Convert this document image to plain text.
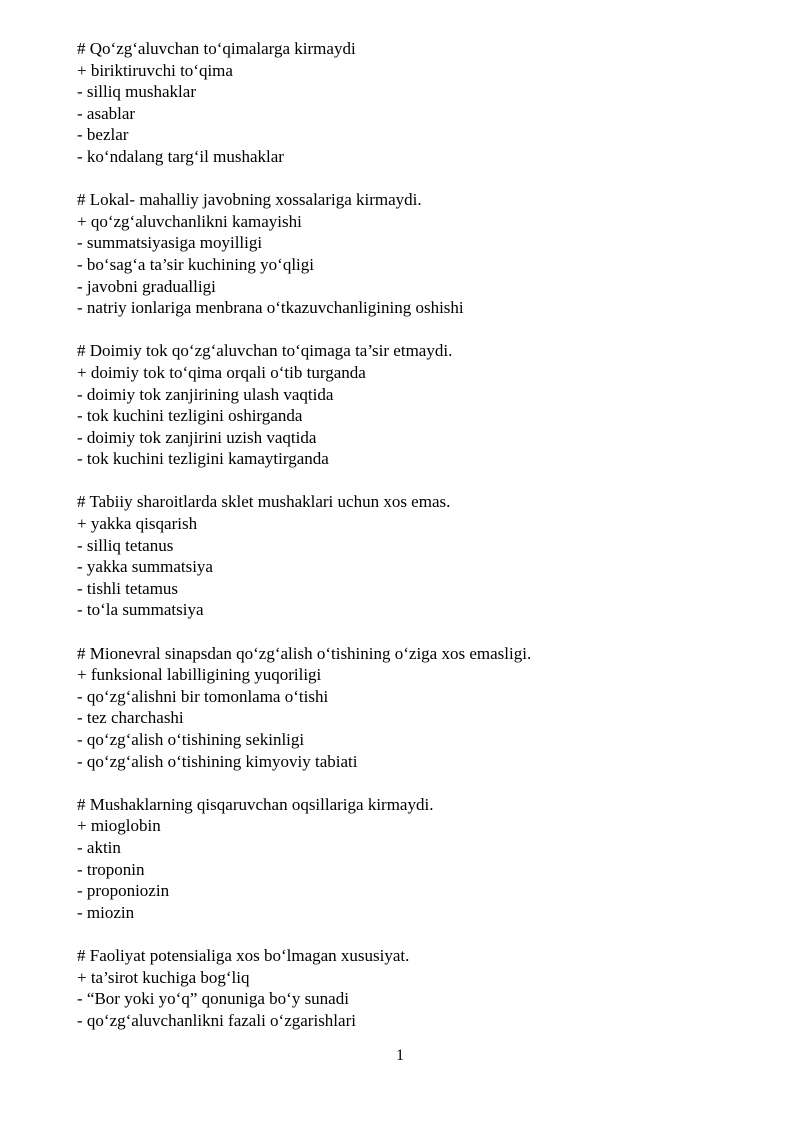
# Qo‘zg‘aluvchan to‘qimalarga kirmaydi
+ biriktiruvchi to‘qima
- silliq mushaklar
- asablar
- bezlar
- ko‘ndalang targ‘il mushaklar
# Lokal- mahalliy javobning xossalariga kirmaydi.
+ qo‘zg‘aluvchanlikni kamayishi
- summatsiyasiga moyilligi
- bo‘sag‘a ta’sir kuchining yo‘qligi
- javobni gradualligi
- natriy ionlariga menbrana o‘tkazuvchanligining oshishi
# Doimiy tok qo‘zg‘aluvchan to‘qimaga ta’sir etmaydi.
+ doimiy tok to‘qima orqali o‘tib turganda
- doimiy tok zanjirining ulash vaqtida
- tok kuchini tezligini oshirganda
- doimiy tok zanjirini uzish vaqtida
- tok kuchini tezligini kamaytirganda
# Tabiiy sharoitlarda sklet mushaklari uchun xos emas.
+ yakka qisqarish
- silliq tetanus
- yakka summatsiya
- tishli tetamus
- to‘la summatsiya
# Mionevral sinapsdan qo‘zg‘alish o‘tishining o‘ziga xos emasligi.
+ funksional labilligining yuqoriligi
- qo‘zg‘alishni bir tomonlama o‘tishi
- tez charchashi
- qo‘zg‘alish o‘tishining sekinligi
- qo‘zg‘alish o‘tishining kimyoviy tabiati
# Mushaklarning qisqaruvchan oqsillariga kirmaydi.
+ mioglobin
- aktin
- troponin
- proponiozin
- miozin
# Faoliyat potensialiga xos bo‘lmagan xususiyat.
+ ta’sirot kuchiga bog‘liq
- “Bor yoki yo‘q” qonuniga bo‘y sunadi
- qo‘zg‘aluvchanlikni fazali o‘zgarishlari
1
